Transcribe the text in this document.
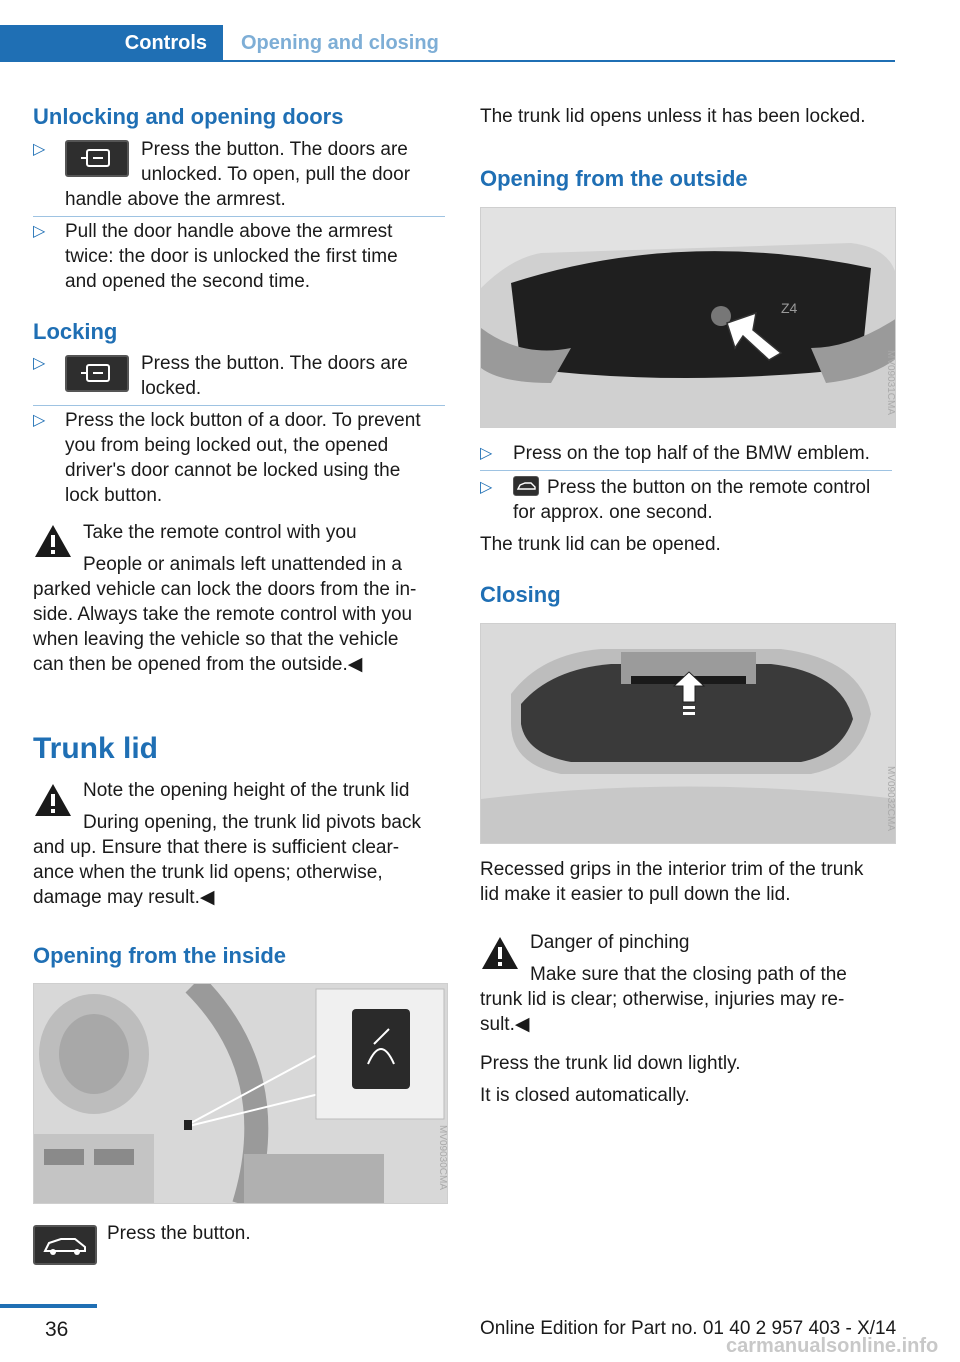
Controls	Opening and closing
Unlocking and opening doors
▷	Press the button. The doors are
unlocked. To open, pull the door
handle above the armrest.
▷ Pull the door handle above the armrest
twice: the door is unlocked the first time
and opened the second time.
Locking
▷	Press the button. The doors are
locked.
▷ Press the lock button of a door. To prevent
you from being locked out, the opened
driver's door cannot be locked using the
lock button.
Take the remote control with you
People or animals left unattended in a
parked vehicle can lock the doors from the in-
side. Always take the remote control with you
when leaving the vehicle so that the vehicle
can then be opened from the outside.◀
Trunk lid
Note the opening height of the trunk lid
During opening, the trunk lid pivots back
and up. Ensure that there is sufficient clear-
ance when the trunk lid opens; otherwise,
damage may result.◀
Opening from the inside
MV09030CMA
Press the button.
The trunk lid opens unless it has been locked.
Opening from the outside
Z4
MV09031CMA
▷ Press on the top half of the BMW emblem.
▷	Press the button on the remote control
for approx. one second.
The trunk lid can be opened.
Closing
MV09032CMA
Recessed grips in the interior trim of the trunk
lid make it easier to pull down the lid.
Danger of pinching
Make sure that the closing path of the
trunk lid is clear; otherwise, injuries may re-
sult.◀
Press the trunk lid down lightly.
It is closed automatically.
36	Online Edition for Part no. 01 40 2 957 403 - X/14
carmanualsonline.info
